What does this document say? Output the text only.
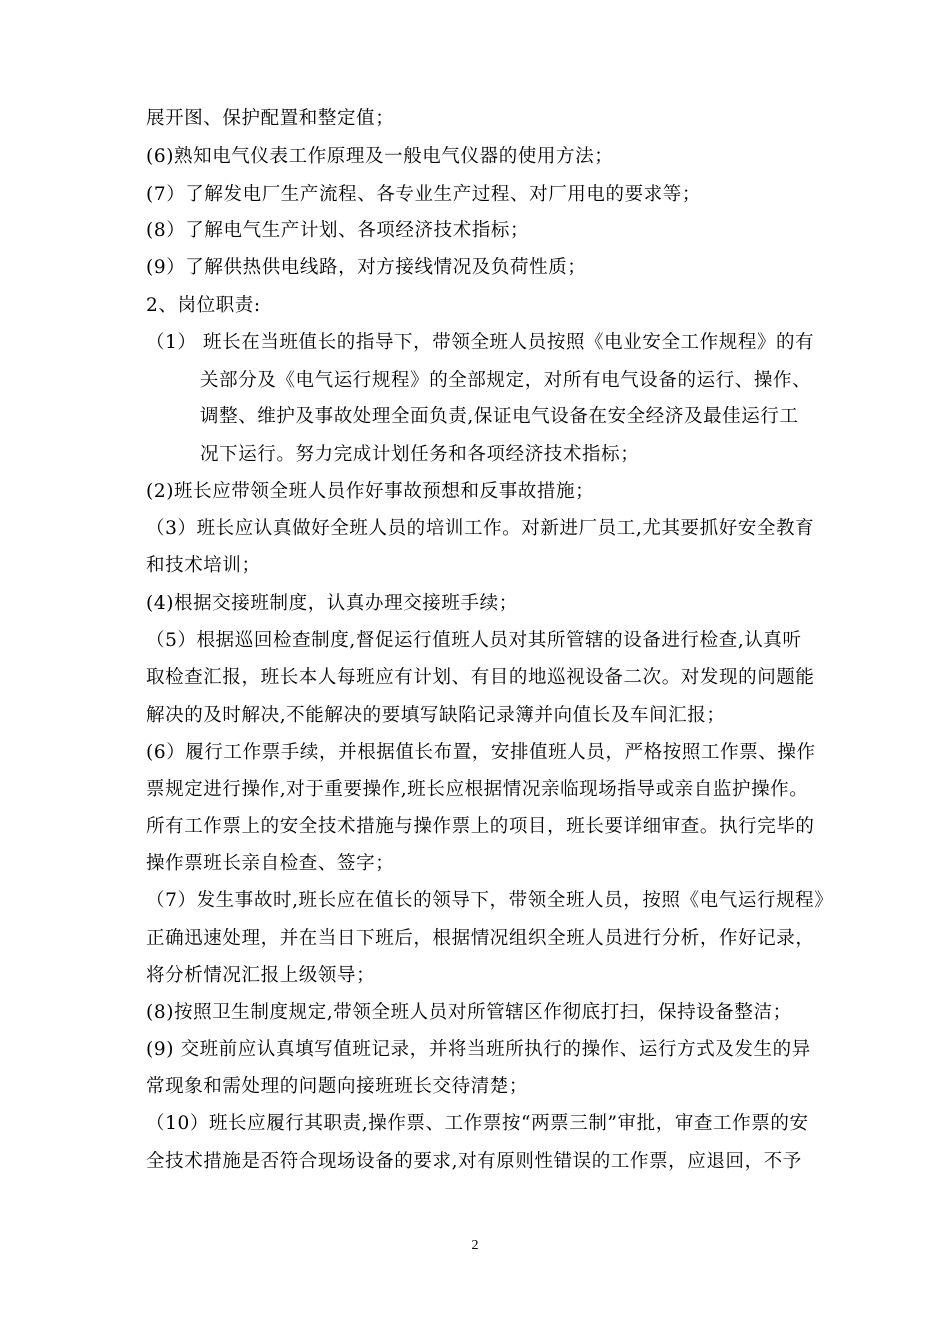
展开图、保护配置和整定值；
(6)熟知电气仪表工作原理及一般电气仪器的使用方法；
(7）了解发电厂生产流程、各专业生产过程、对厂用电的要求等；
(8）了解电气生产计划、各项经济技术指标；
(9）了解供热供电线路，对方接线情况及负荷性质；
2、岗位职责:
（1） 班长在当班值长的指导下，带领全班人员按照《电业安全工作规程》的有
关部分及《电气运行规程》的全部规定，对所有电气设备的运行、操作、
调整、维护及事故处理全面负责,保证电气设备在安全经济及最佳运行工
况下运行。努力完成计划任务和各项经济技术指标；
(2)班长应带领全班人员作好事故预想和反事故措施；
（3）班长应认真做好全班人员的培训工作。对新进厂员工,尤其要抓好安全教育
和技术培训；
(4)根据交接班制度，认真办理交接班手续；
（5）根据巡回检查制度,督促运行值班人员对其所管辖的设备进行检查,认真听
取检查汇报，班长本人每班应有计划、有目的地巡视设备二次。对发现的问题能
解决的及时解决,不能解决的要填写缺陷记录簿并向值长及车间汇报；
(6）履行工作票手续，并根据值长布置，安排值班人员，严格按照工作票、操作
票规定进行操作,对于重要操作,班长应根据情况亲临现场指导或亲自监护操作。
所有工作票上的安全技术措施与操作票上的项目，班长要详细审查。执行完毕的
操作票班长亲自检查、签字；
（7）发生事故时,班长应在值长的领导下，带领全班人员，按照《电气运行规程》
正确迅速处理，并在当日下班后，根据情况组织全班人员进行分析，作好记录，
将分析情况汇报上级领导；
(8)按照卫生制度规定,带领全班人员对所管辖区作彻底打扫，保持设备整洁；
(9) 交班前应认真填写值班记录，并将当班所执行的操作、运行方式及发生的异
常现象和需处理的问题向接班班长交待清楚；
（10）班长应履行其职责,操作票、工作票按“两票三制”审批，审查工作票的安
全技术措施是否符合现场设备的要求,对有原则性错误的工作票，应退回，不予
2
